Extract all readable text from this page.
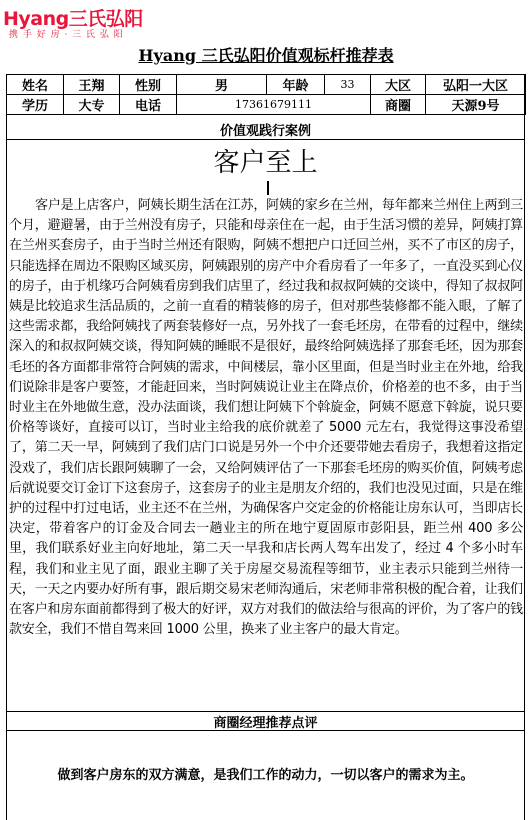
Hyang三氏弘阳
携 手 好 房 · 三 氏 弘 阳
Hyang 三氏弘阳价值观标杆推荐表
姓名	王翔	性别	男	年龄	33	大区	弘阳一大区
学历	大专	电话	17361679111			商圈	天源9号
价值观践行案例
客户至上
客户是上店客户，阿姨长期生活在江苏，阿姨的家乡在兰州，每年都来兰州住上两到三个月，避避暑，由于兰州没有房子，只能和母亲住在一起，由于生活习惯的差异，阿姨打算在兰州买套房子，由于当时兰州还有限购，阿姨不想把户口迁回兰州，买不了市区的房子，只能选择在周边不限购区域买房，阿姨跟别的房产中介看房看了一年多了，一直没买到心仪的房子，由于机缘巧合阿姨看房到我们店里了，经过我和叔叔阿姨的交谈中，得知了叔叔阿姨是比较追求生活品质的，之前一直看的精装修的房子，但对那些装修都不能入眼，了解了这些需求都，我给阿姨找了两套装修好一点，另外找了一套毛坯房，在带看的过程中，继续深入的和叔叔阿姨交谈，得知阿姨的睡眠不是很好，最终给阿姨选择了那套毛坯，因为那套毛坯的各方面都非常符合阿姨的需求，中间楼层，靠小区里面，但是当时业主在外地，给我们说除非是客户要签，才能赶回来，当时阿姨说让业主在降点价，价格差的也不多，由于当时业主在外地做生意，没办法面谈，我们想让阿姨下个斡旋金，阿姨不愿意下斡旋，说只要价格等谈好，直接可以订，当时业主给我的底价就差了 5000 元左右，我觉得这事没希望了，第二天一早，阿姨到了我们店门口说是另外一个中介还要带她去看房子，我想着这指定没戏了，我们店长跟阿姨聊了一会，又给阿姨评估了一下那套毛坯房的购买价值，阿姨考虑后就说要交订金订下这套房子，这套房子的业主是朋友介绍的，我们也没见过面，只是在维护的过程中打过电话，业主还不在兰州，为确保客户交定金的价格能让房东认可，当即店长决定，带着客户的订金及合同去一趟业主的所在地宁夏固原市彭阳县，距兰州 400 多公里，我们联系好业主向好地址，第二天一早我和店长两人驾车出发了，经过 4 个多小时车程，我们和业主见了面，跟业主聊了关于房屋交易流程等细节，业主表示只能到兰州待一天，一天之内要办好所有事，跟后期交易宋老师沟通后，宋老师非常积极的配合着，让我们在客户和房东面前都得到了极大的好评，双方对我们的做法给与很高的评价，为了客户的钱款安全，我们不惜自驾来回 1000 公里，换来了业主客户的最大肯定。
商圈经理推荐点评
做到客户房东的双方满意，是我们工作的动力，一切以客户的需求为主。
